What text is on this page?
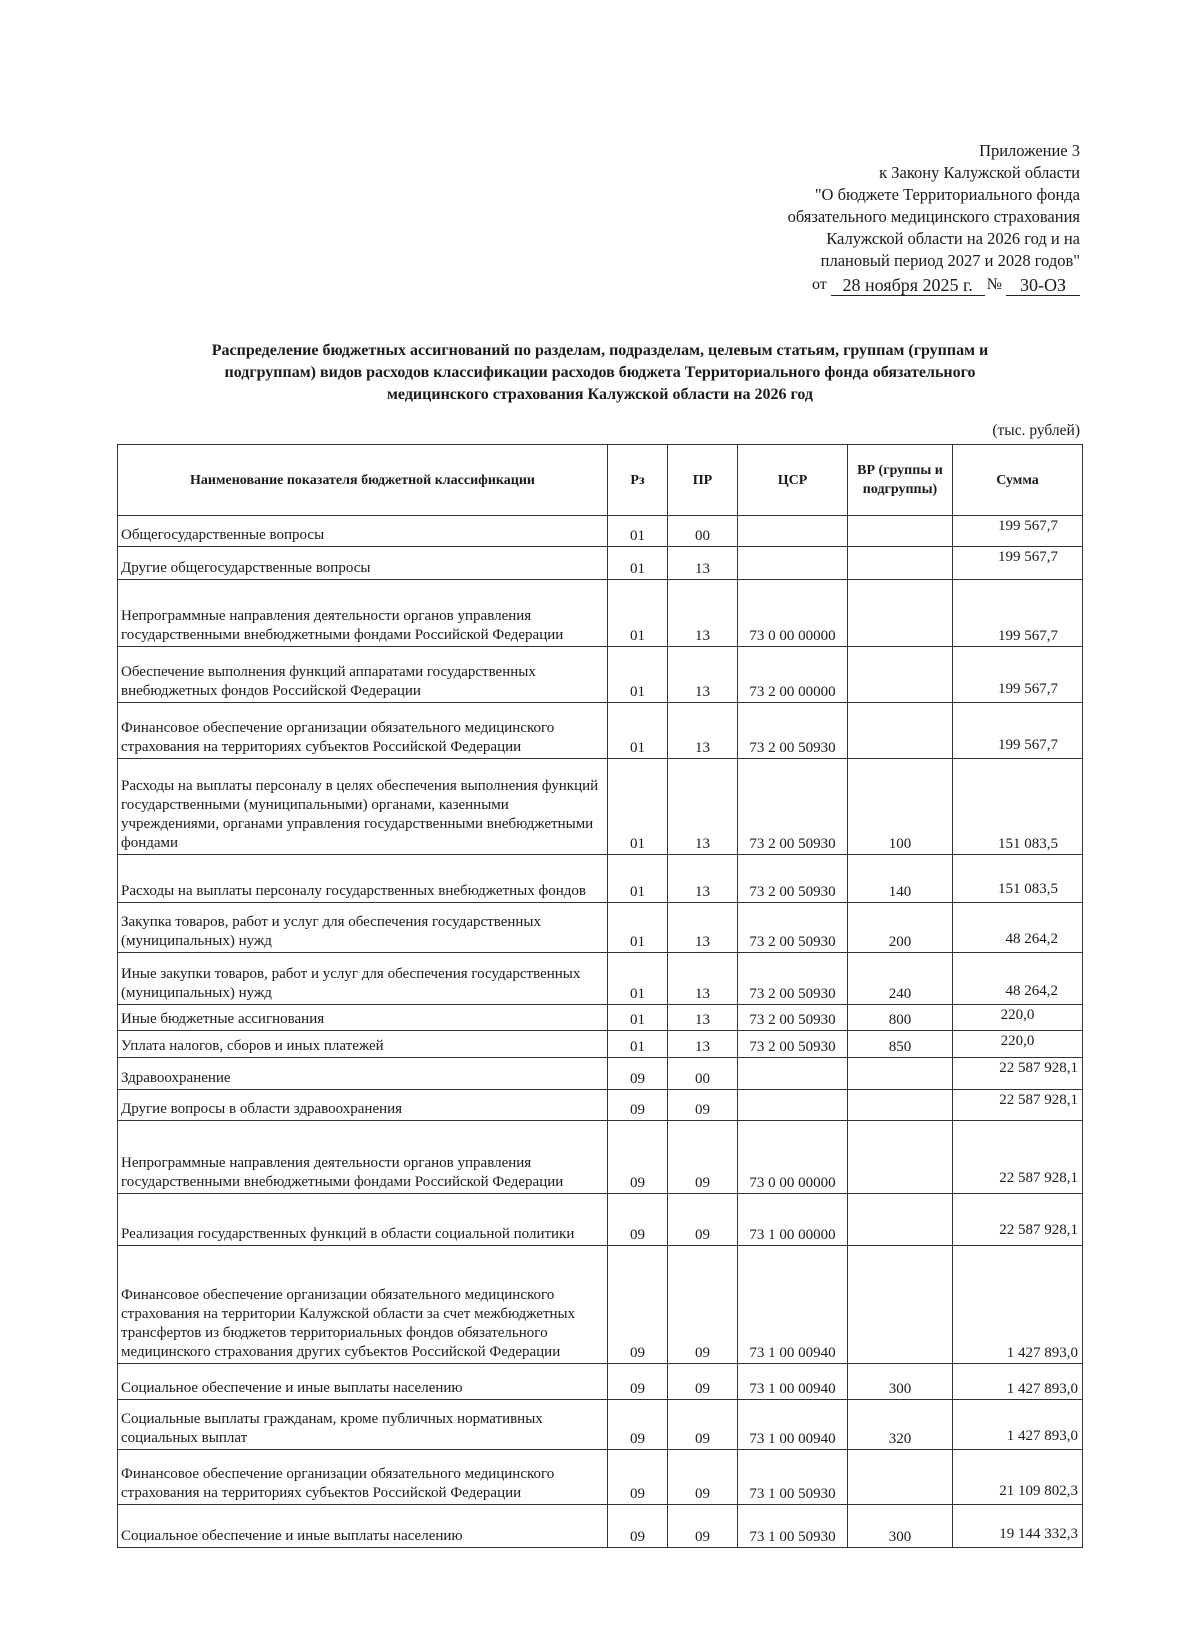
Приложение 3
к Закону Калужской области
"О бюджете Территориального фонда
обязательного медицинского страхования
Калужской области на 2026 год и на
плановый период 2027 и 2028 годов"
от 28 ноября 2025 г. № 30-ОЗ
Распределение бюджетных ассигнований по разделам, подразделам, целевым статьям, группам (группам и
подгруппам) видов расходов классификации расходов бюджета Территориального фонда обязательного
медицинского страхования Калужской области на 2026 год
(тыс. рублей)
Наименование показателя бюджетной классификации	Рз	ПР	ЦСР	ВР (группы и подгруппы)	Сумма
Общегосударственные вопросы	01	00			199 567,7
Другие общегосударственные вопросы	01	13			199 567,7
Непрограммные направления деятельности органов управления государственными внебюджетными фондами Российской Федерации	01	13	73 0 00 00000		199 567,7
Обеспечение выполнения функций аппаратами государственных внебюджетных фондов Российской Федерации	01	13	73 2 00 00000		199 567,7
Финансовое обеспечение организации обязательного медицинского страхования на территориях субъектов Российской Федерации	01	13	73 2 00 50930		199 567,7
Расходы на выплаты персоналу в целях обеспечения выполнения функций государственными (муниципальными) органами, казенными учреждениями, органами управления государственными внебюджетными фондами	01	13	73 2 00 50930	100	151 083,5
Расходы на выплаты персоналу государственных внебюджетных фондов	01	13	73 2 00 50930	140	151 083,5
Закупка товаров, работ и услуг для обеспечения государственных (муниципальных) нужд	01	13	73 2 00 50930	200	48 264,2
Иные закупки товаров, работ и услуг для обеспечения государственных (муниципальных) нужд	01	13	73 2 00 50930	240	48 264,2
Иные бюджетные ассигнования	01	13	73 2 00 50930	800	220,0
Уплата налогов, сборов и иных платежей	01	13	73 2 00 50930	850	220,0
Здравоохранение	09	00			22 587 928,1
Другие вопросы в области здравоохранения	09	09			22 587 928,1
Непрограммные направления деятельности органов управления государственными внебюджетными фондами Российской Федерации	09	09	73 0 00 00000		22 587 928,1
Реализация государственных функций в области социальной политики	09	09	73 1 00 00000		22 587 928,1
Финансовое обеспечение организации обязательного медицинского страхования на территории Калужской области за счет межбюджетных трансфертов из бюджетов территориальных фондов обязательного медицинского страхования других субъектов Российской Федерации	09	09	73 1 00 00940		1 427 893,0
Социальное обеспечение и иные выплаты населению	09	09	73 1 00 00940	300	1 427 893,0
Социальные выплаты гражданам, кроме публичных нормативных социальных выплат	09	09	73 1 00 00940	320	1 427 893,0
Финансовое обеспечение организации обязательного медицинского страхования на территориях субъектов Российской Федерации	09	09	73 1 00 50930		21 109 802,3
Социальное обеспечение и иные выплаты населению	09	09	73 1 00 50930	300	19 144 332,3
